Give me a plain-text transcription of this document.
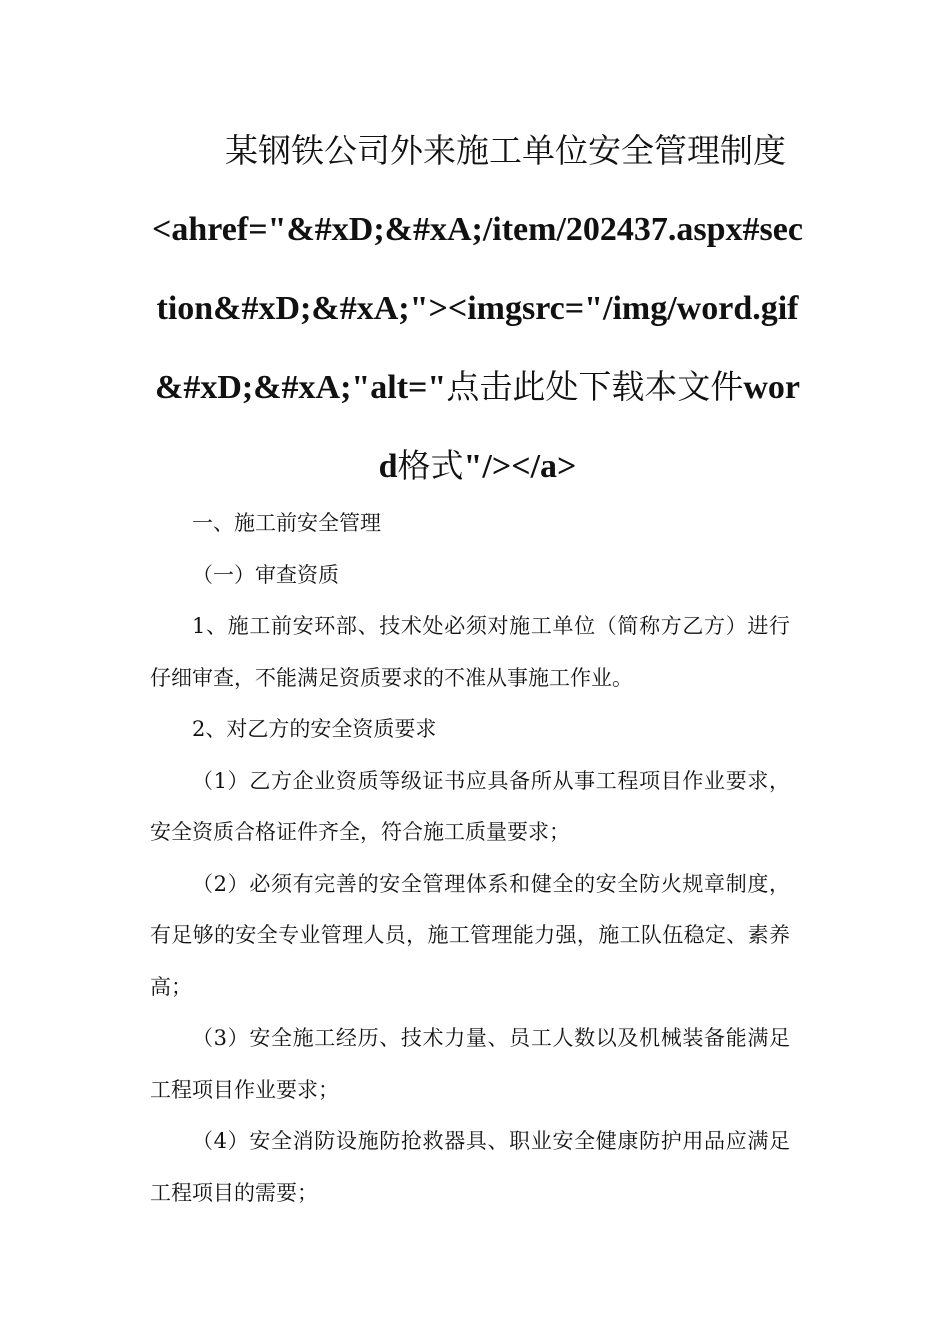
某钢铁公司外来施工单位安全管理制度
<ahref="&#xD;&#xA;/item/202437.aspx#section&#xD;&#xA;"><imgsrc="/img/word.gif&#xD;&#xA;"alt="点击此处下载本文件word格式"/></a>

一、施工前安全管理

（一）审查资质

1、施工前安环部、技术处必须对施工单位（简称方乙方）进行仔细审查，不能满足资质要求的不准从事施工作业。

2、对乙方的安全资质要求

（1）乙方企业资质等级证书应具备所从事工程项目作业要求，安全资质合格证件齐全，符合施工质量要求；

（2）必须有完善的安全管理体系和健全的安全防火规章制度，有足够的安全专业管理人员，施工管理能力强，施工队伍稳定、素养高；

（3）安全施工经历、技术力量、员工人数以及机械装备能满足工程项目作业要求；

（4）安全消防设施防抢救器具、职业安全健康防护用品应满足工程项目的需要；
